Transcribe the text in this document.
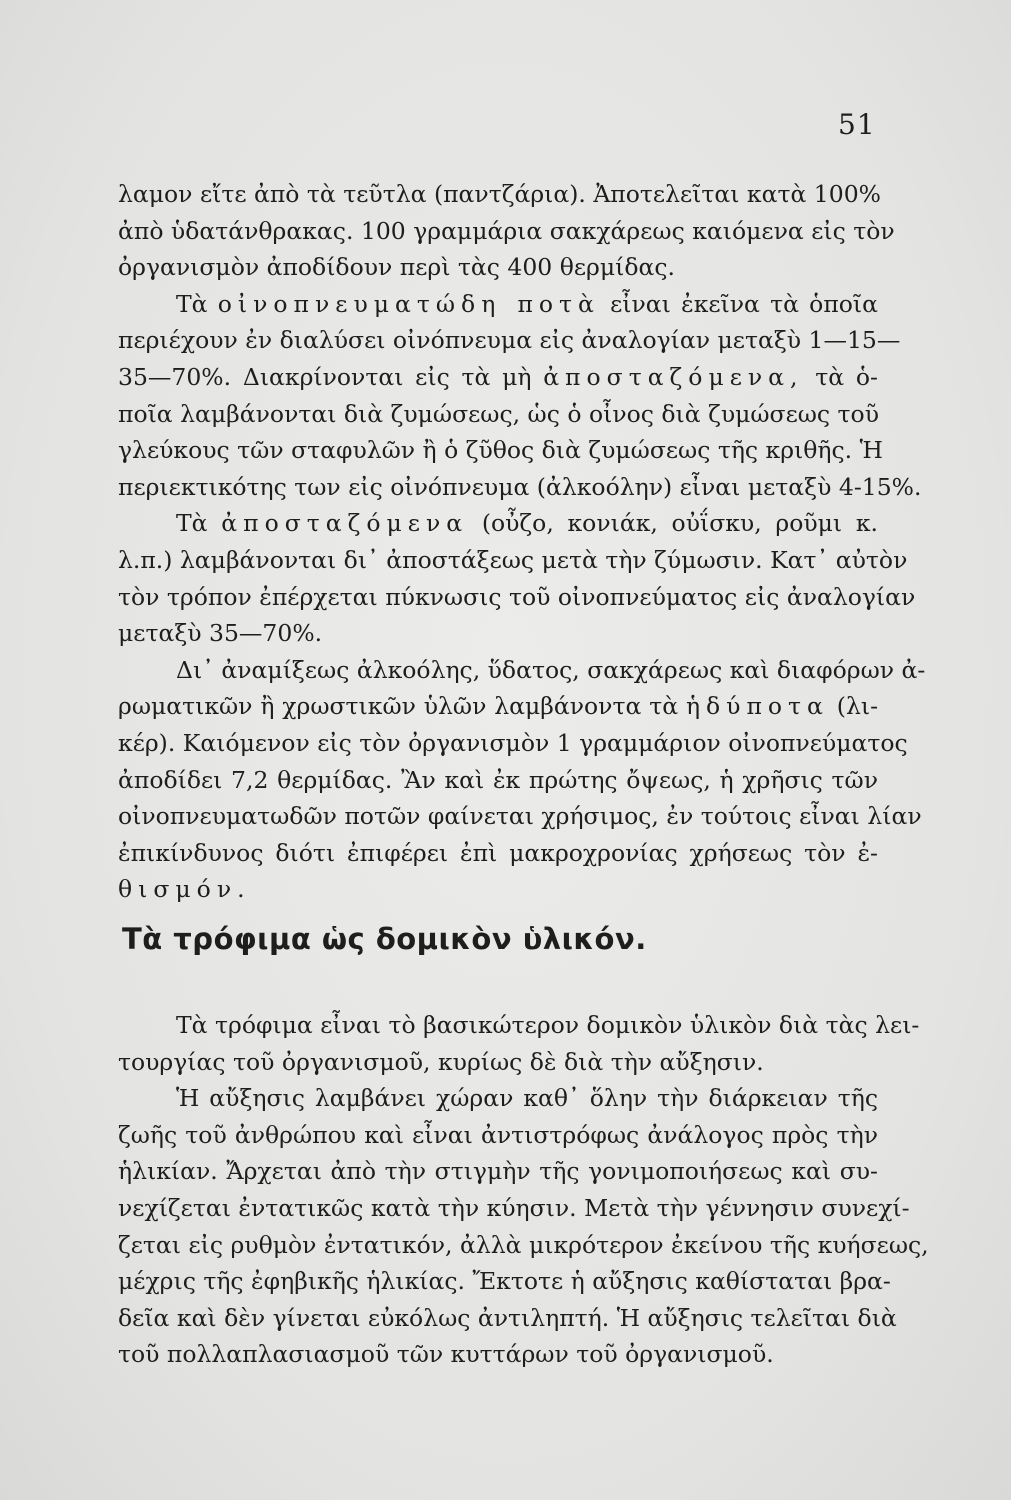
51
λαμον εἴτε ἀπὸ τὰ τεῦτλα (παντζάρια). Ἀποτελεῖται κατὰ 100%
ἀπὸ ὑδατάνθρακας. 100 γραμμάρια σακχάρεως καιόμενα εἰς τὸν
ὀργανισμὸν ἀποδίδουν περὶ τὰς 400 θερμίδας.
Τὰ οἰνοπνευματώδη ποτὰ εἶναι ἐκεῖνα τὰ ὁποῖα
περιέχουν ἐν διαλύσει οἰνόπνευμα εἰς ἀναλογίαν μεταξὺ 1—15—
35—70%. Διακρίνονται εἰς τὰ μὴ ἀποσταζόμενα, τὰ ὁ-
ποῖα λαμβάνονται διὰ ζυμώσεως, ὡς ὁ οἶνος διὰ ζυμώσεως τοῦ
γλεύκους τῶν σταφυλῶν ἢ ὁ ζῦθος διὰ ζυμώσεως τῆς κριθῆς. Ἡ
περιεκτικότης των εἰς οἰνόπνευμα (ἀλκοόλην) εἶναι μεταξὺ 4-15%.
Τὰ ἀποσταζόμενα (οὖζο, κονιάκ, οὐΐσκυ, ροῦμι κ.
λ.π.) λαμβάνονται δι᾽ ἀποστάξεως μετὰ τὴν ζύμωσιν. Κατ᾽ αὐτὸν
τὸν τρόπον ἐπέρχεται πύκνωσις τοῦ οἰνοπνεύματος εἰς ἀναλογίαν
μεταξὺ 35—70%.
Δι᾽ ἀναμίξεως ἀλκοόλης, ὕδατος, σακχάρεως καὶ διαφόρων ἀ-
ρωματικῶν ἢ χρωστικῶν ὑλῶν λαμβάνοντα τὰ ἡδύποτα (λι-
κέρ). Καιόμενον εἰς τὸν ὀργανισμὸν 1 γραμμάριον οἰνοπνεύματος
ἀποδίδει 7,2 θερμίδας. Ἂν καὶ ἐκ πρώτης ὄψεως, ἡ χρῆσις τῶν
οἰνοπνευματωδῶν ποτῶν φαίνεται χρήσιμος, ἐν τούτοις εἶναι λίαν
ἐπικίνδυνος διότι ἐπιφέρει ἐπὶ μακροχρονίας χρήσεως τὸν ἐ-
θισμόν.
Τὰ τρόφιμα ὡς δομικὸν ὑλικόν.
Τὰ τρόφιμα εἶναι τὸ βασικώτερον δομικὸν ὑλικὸν διὰ τὰς λει-
τουργίας τοῦ ὀργανισμοῦ, κυρίως δὲ διὰ τὴν αὔξησιν.
Ἡ αὔξησις λαμβάνει χώραν καθ᾽ ὅλην τὴν διάρκειαν τῆς
ζωῆς τοῦ ἀνθρώπου καὶ εἶναι ἀντιστρόφως ἀνάλογος πρὸς τὴν
ἡλικίαν. Ἄρχεται ἀπὸ τὴν στιγμὴν τῆς γονιμοποιήσεως καὶ συ-
νεχίζεται ἐντατικῶς κατὰ τὴν κύησιν. Μετὰ τὴν γέννησιν συνεχί-
ζεται εἰς ρυθμὸν ἐντατικόν, ἀλλὰ μικρότερον ἐκείνου τῆς κυήσεως,
μέχρις τῆς ἐφηβικῆς ἡλικίας. Ἔκτοτε ἡ αὔξησις καθίσταται βρα-
δεῖα καὶ δὲν γίνεται εὐκόλως ἀντιληπτή. Ἡ αὔξησις τελεῖται διὰ
τοῦ πολλαπλασιασμοῦ τῶν κυττάρων τοῦ ὀργανισμοῦ.
